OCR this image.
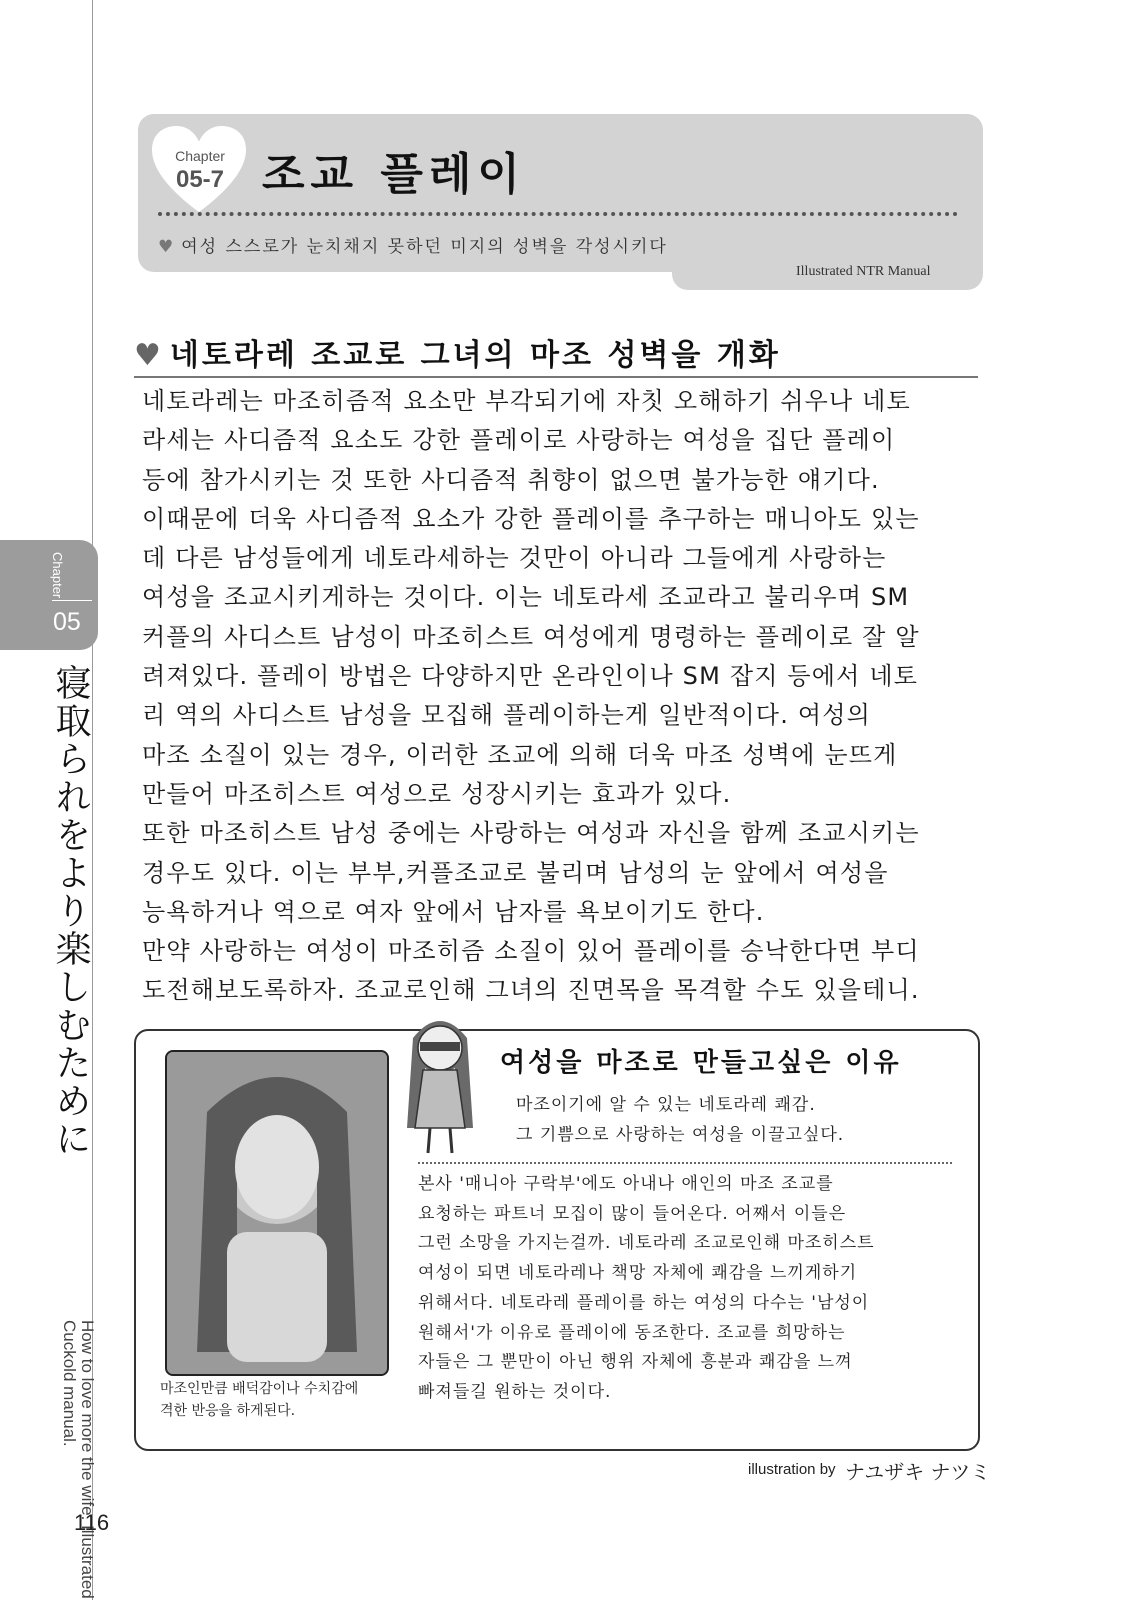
Chapter
05
寝取られをより楽しむために
How to love more the wife. Illustrated Cuckold manual.
116
Chapter
05-7 조교 플레이
♥ 여성 스스로가 눈치채지 못하던 미지의 성벽을 각성시키다
Illustrated NTR Manual
♥ 네토라레 조교로 그녀의 마조 성벽을 개화

네토라레는 마조히즘적 요소만 부각되기에 자칫 오해하기 쉬우나 네토

라세는 사디즘적 요소도 강한 플레이로 사랑하는 여성을 집단 플레이

등에 참가시키는 것 또한 사디즘적 취향이 없으면 불가능한 얘기다.

이때문에 더욱 사디즘적 요소가 강한 플레이를 추구하는 매니아도 있는

데 다른 남성들에게 네토라세하는 것만이 아니라 그들에게 사랑하는

여성을 조교시키게하는 것이다. 이는 네토라세 조교라고 불리우며 SM

커플의 사디스트 남성이 마조히스트 여성에게 명령하는 플레이로 잘 알

려져있다. 플레이 방법은 다양하지만 온라인이나 SM 잡지 등에서 네토

리 역의 사디스트 남성을 모집해 플레이하는게 일반적이다. 여성의

마조 소질이 있는 경우, 이러한 조교에 의해 더욱 마조 성벽에 눈뜨게

만들어 마조히스트 여성으로 성장시키는 효과가 있다.

또한 마조히스트 남성 중에는 사랑하는 여성과 자신을 함께 조교시키는

경우도 있다. 이는 부부,커플조교로 불리며 남성의 눈 앞에서 여성을

능욕하거나 역으로 여자 앞에서 남자를 욕보이기도 한다.

만약 사랑하는 여성이 마조히즘 소질이 있어 플레이를 승낙한다면 부디

도전해보도록하자. 조교로인해 그녀의 진면목을 목격할 수도 있을테니.

마조인만큼 배덕감이나 수치감에

격한 반응을 하게된다.

여성을 마조로 만들고싶은 이유

마조이기에 알 수 있는 네토라레 쾌감.

그 기쁨으로 사랑하는 여성을 이끌고싶다.

본사 '매니아 구락부'에도 아내나 애인의 마조 조교를

요청하는 파트너 모집이 많이 들어온다. 어째서 이들은

그런 소망을 가지는걸까. 네토라레 조교로인해 마조히스트

여성이 되면 네토라레나 책망 자체에 쾌감을 느끼게하기

위해서다. 네토라레 플레이를 하는 여성의 다수는 '남성이

원해서'가 이유로 플레이에 동조한다. 조교를 희망하는

자들은 그 뿐만이 아닌 행위 자체에 흥분과 쾌감을 느껴

빠져들길 원하는 것이다.

illustration by ナユザキ ナツミ
